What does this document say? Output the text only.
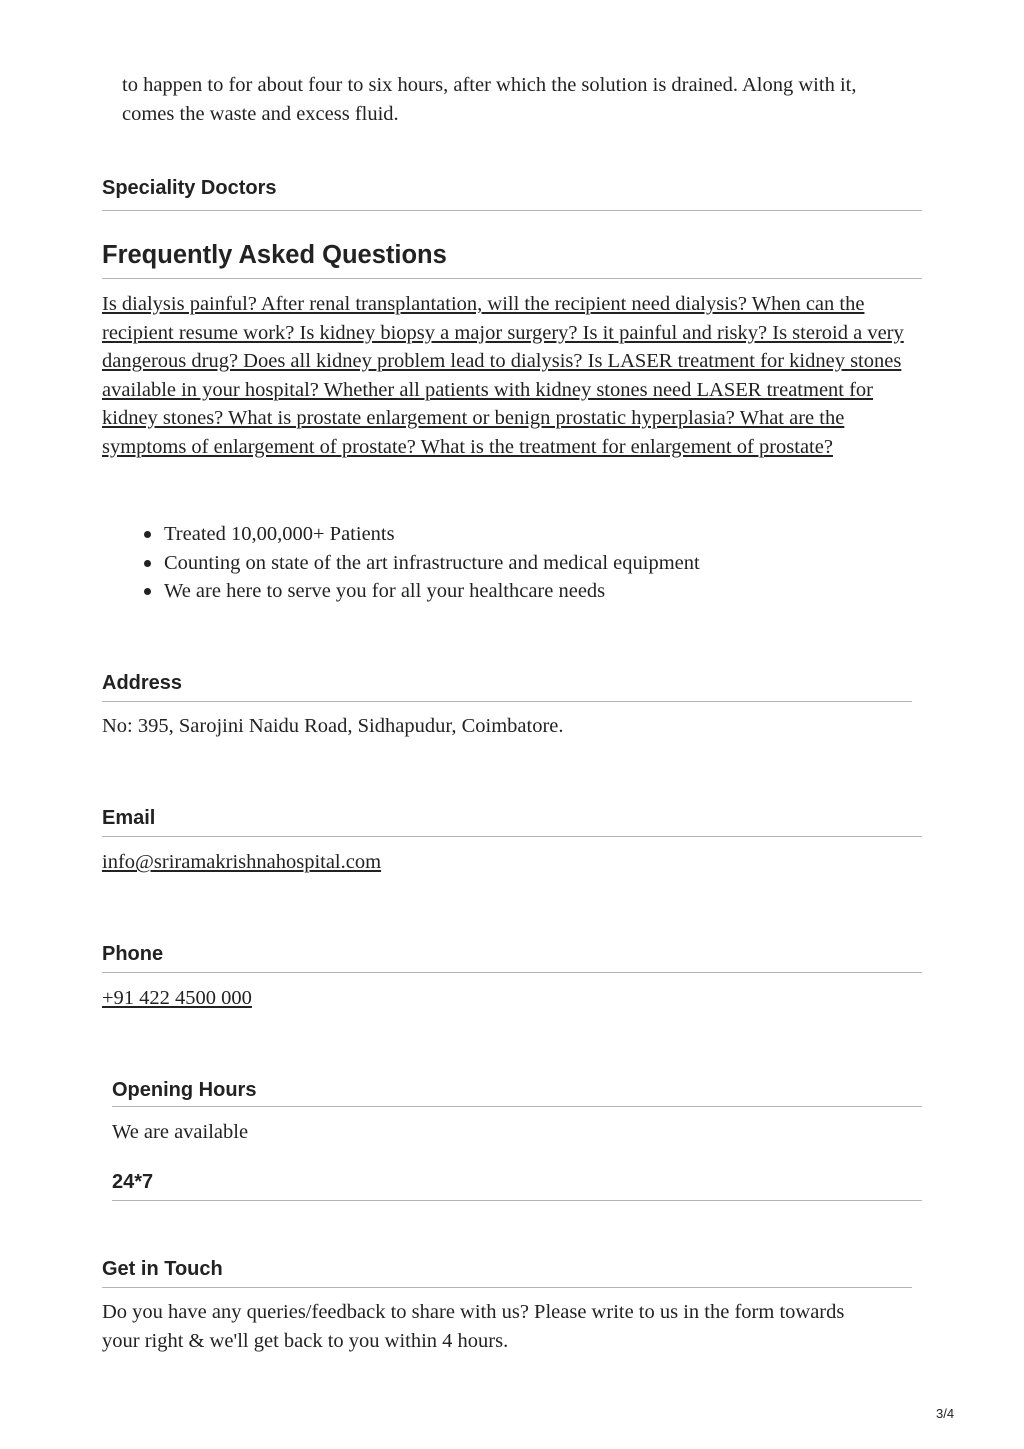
to happen to for about four to six hours, after which the solution is drained. Along with it, comes the waste and excess fluid.
Speciality Doctors
Frequently Asked Questions
Is dialysis painful? After renal transplantation, will the recipient need dialysis? When can the recipient resume work? Is kidney biopsy a major surgery? Is it painful and risky? Is steroid a very dangerous drug? Does all kidney problem lead to dialysis? Is LASER treatment for kidney stones available in your hospital? Whether all patients with kidney stones need LASER treatment for kidney stones? What is prostate enlargement or benign prostatic hyperplasia? What are the symptoms of enlargement of prostate? What is the treatment for enlargement of prostate?
Treated 10,00,000+ Patients
Counting on state of the art infrastructure and medical equipment
We are here to serve you for all your healthcare needs
Address
No: 395, Sarojini Naidu Road, Sidhapudur, Coimbatore.
Email
info@sriramakrishnahospital.com
Phone
+91 422 4500 000
Opening Hours
We are available
24*7
Get in Touch
Do you have any queries/feedback to share with us? Please write to us in the form towards your right & we'll get back to you within 4 hours.
3/4
